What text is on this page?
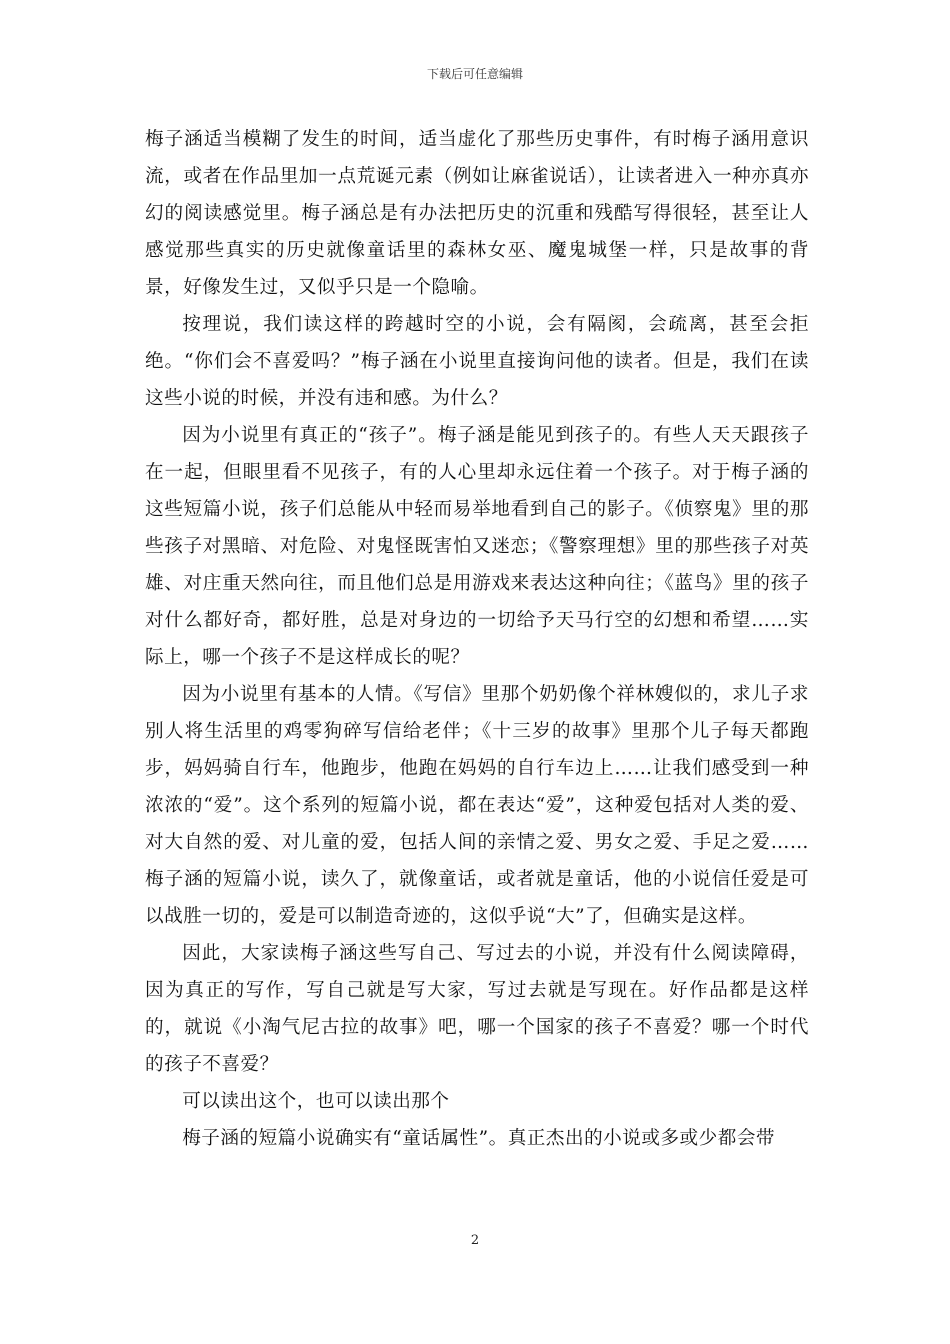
下载后可任意编辑

梅子涵适当模糊了发生的时间，适当虚化了那些历史事件，有时梅子涵用意识流，或者在作品里加一点荒诞元素（例如让麻雀说话），让读者进入一种亦真亦幻的阅读感觉里。梅子涵总是有办法把历史的沉重和残酷写得很轻，甚至让人感觉那些真实的历史就像童话里的森林女巫、魔鬼城堡一样，只是故事的背景，好像发生过，又似乎只是一个隐喻。

按理说，我们读这样的跨越时空的小说，会有隔阂，会疏离，甚至会拒绝。“你们会不喜爱吗？”梅子涵在小说里直接询问他的读者。但是，我们在读这些小说的时候，并没有违和感。为什么？

因为小说里有真正的“孩子”。梅子涵是能见到孩子的。有些人天天跟孩子在一起，但眼里看不见孩子，有的人心里却永远住着一个孩子。对于梅子涵的这些短篇小说，孩子们总能从中轻而易举地看到自己的影子。《侦察鬼》里的那些孩子对黑暗、对危险、对鬼怪既害怕又迷恋；《警察理想》里的那些孩子对英雄、对庄重天然向往，而且他们总是用游戏来表达这种向往；《蓝鸟》里的孩子对什么都好奇，都好胜，总是对身边的一切给予天马行空的幻想和希望……实际上，哪一个孩子不是这样成长的呢？

因为小说里有基本的人情。《写信》里那个奶奶像个祥林嫂似的，求儿子求别人将生活里的鸡零狗碎写信给老伴；《十三岁的故事》里那个儿子每天都跑步，妈妈骑自行车，他跑步，他跑在妈妈的自行车边上……让我们感受到一种浓浓的“爱”。这个系列的短篇小说，都在表达“爱”，这种爱包括对人类的爱、对大自然的爱、对儿童的爱，包括人间的亲情之爱、男女之爱、手足之爱……梅子涵的短篇小说，读久了，就像童话，或者就是童话，他的小说信任爱是可以战胜一切的，爱是可以制造奇迹的，这似乎说“大”了，但确实是这样。

因此，大家读梅子涵这些写自己、写过去的小说，并没有什么阅读障碍，因为真正的写作，写自己就是写大家，写过去就是写现在。好作品都是这样的，就说《小淘气尼古拉的故事》吧，哪一个国家的孩子不喜爱？哪一个时代的孩子不喜爱？

可以读出这个，也可以读出那个

梅子涵的短篇小说确实有“童话属性”。真正杰出的小说或多或少都会带

2
